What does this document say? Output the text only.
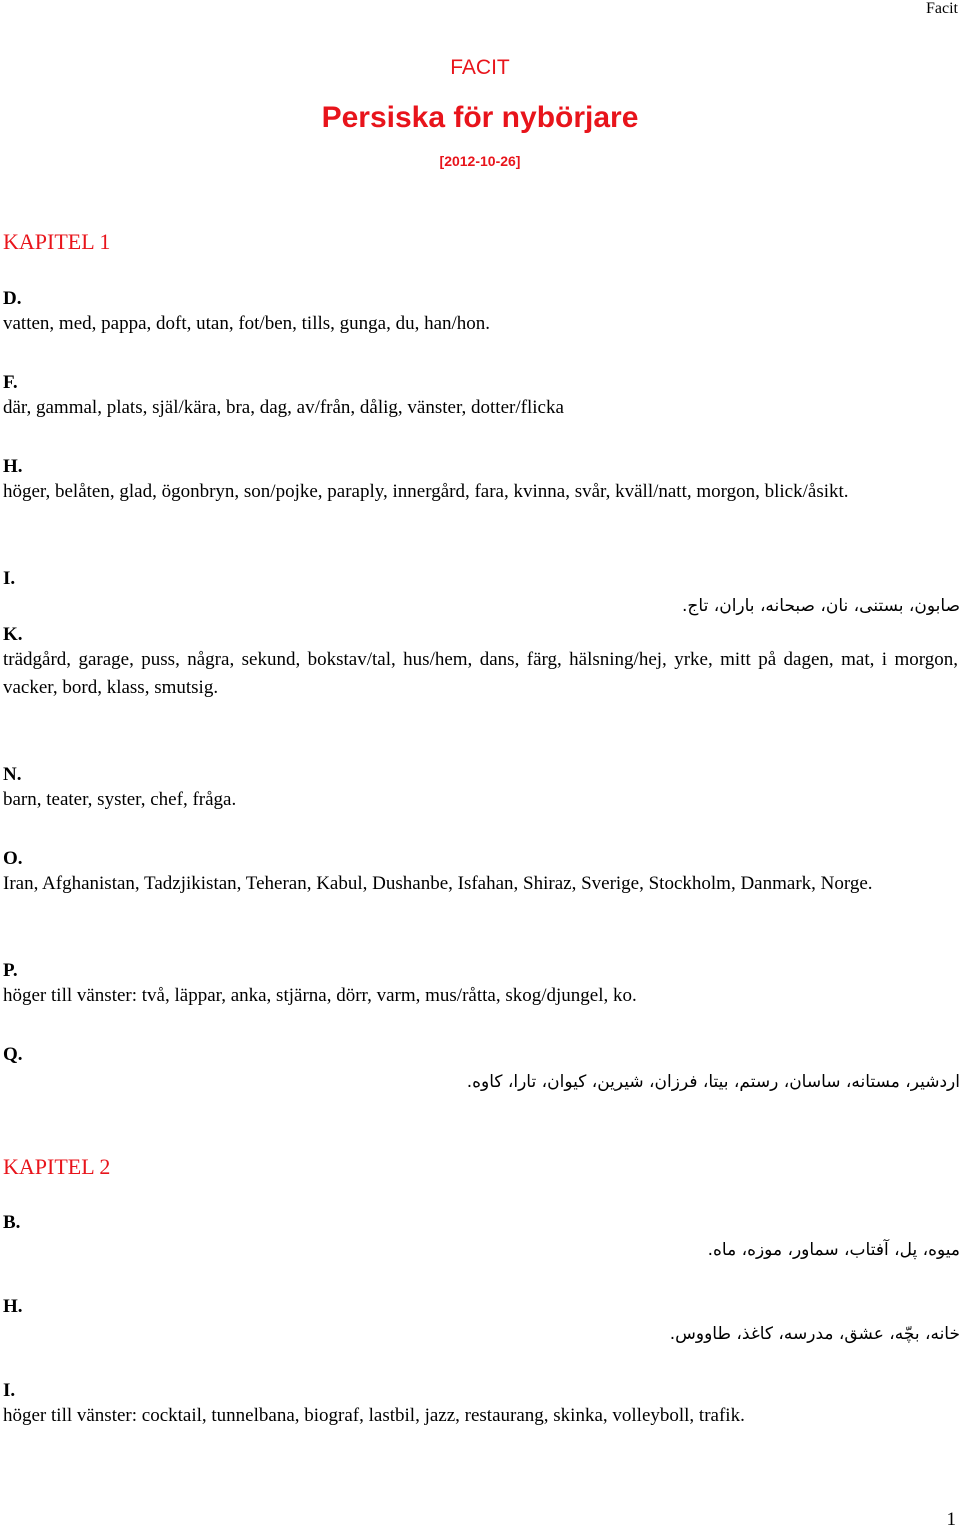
Facit
FACIT
Persiska för nybörjare
[2012-10-26]
KAPITEL 1
D.
vatten, med, pappa, doft, utan, fot/ben, tills, gunga, du, han/hon.
F.
där, gammal, plats, själ/kära, bra, dag, av/från, dålig, vänster, dotter/flicka
H.
höger, belåten, glad, ögonbryn, son/pojke, paraply, innergård, fara, kvinna, svår, kväll/natt, morgon, blick/åsikt.
I.
صابون، بستنی، نان، صبحانه، باران، تاج.
K.
trädgård, garage, puss, några, sekund, bokstav/tal, hus/hem, dans, färg, hälsning/hej, yrke, mitt på dagen, mat, i morgon, vacker, bord, klass, smutsig.
N.
barn, teater, syster, chef, fråga.
O.
Iran, Afghanistan, Tadzjikistan, Teheran, Kabul, Dushanbe, Isfahan, Shiraz, Sverige, Stockholm, Danmark, Norge.
P.
höger till vänster: två, läppar, anka, stjärna, dörr, varm, mus/råtta, skog/djungel, ko.
Q.
اردشیر، مستانه، ساسان، رستم، بیتا، فرزان، شیرین، کیوان، تارا، کاوه.
KAPITEL 2
B.
میوه، پل، آفتاب، سماور، موزه، ماه.
H.
خانه، بچّه، عشق، مدرسه، کاغذ، طاووس.
I.
höger till vänster: cocktail, tunnelbana, biograf, lastbil, jazz, restaurang, skinka, volleyboll, trafik.
1
